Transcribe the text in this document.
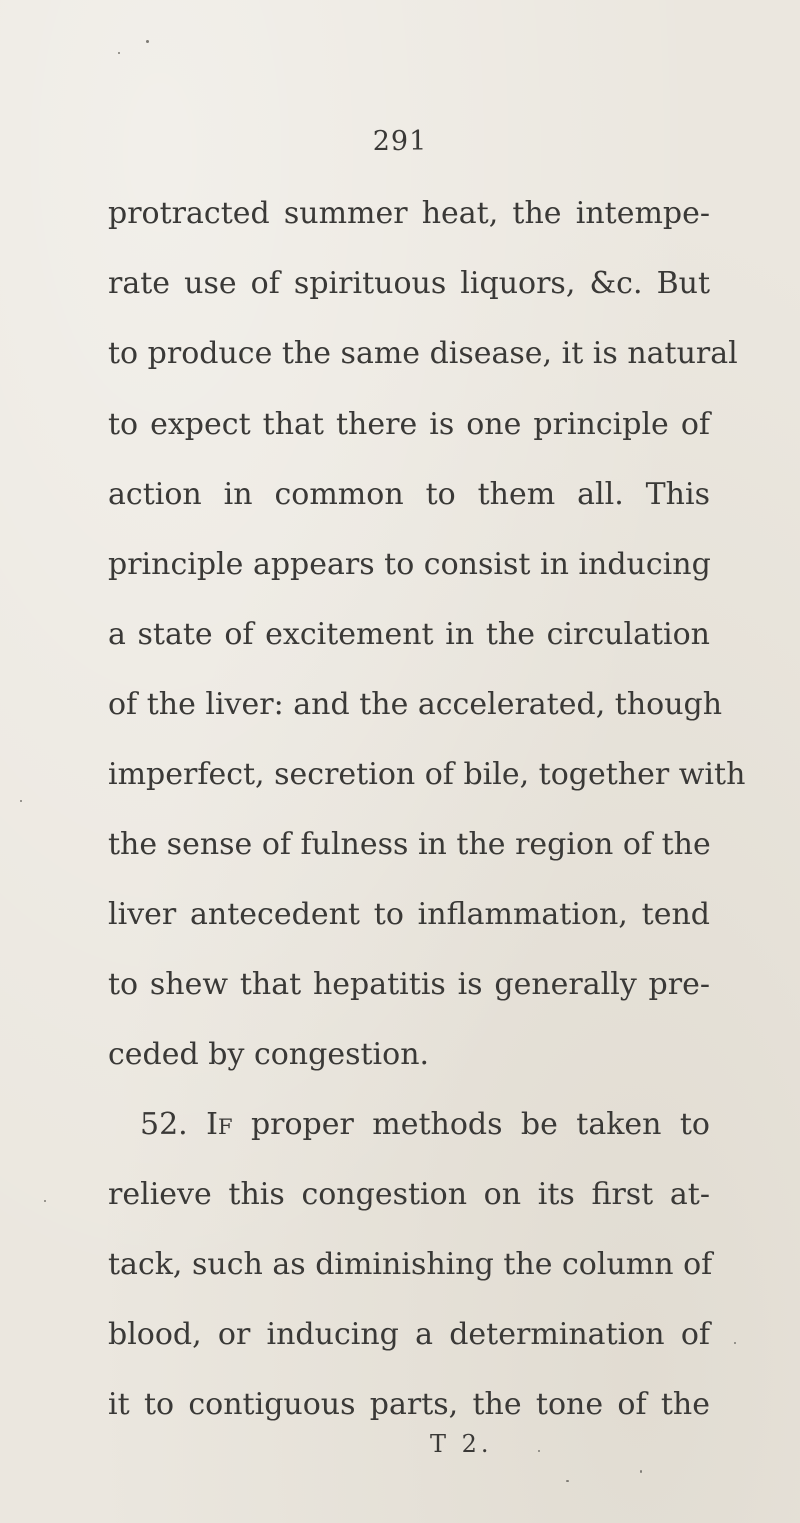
291
protracted summer heat, the intempe-
rate use of spirituous liquors, &c. But
to produce the same disease, it is natural
to expect that there is one principle of
action in common to them all. This
principle appears to consist in inducing
a state of excitement in the circulation
of the liver: and the accelerated, though
imperfect, secretion of bile, together with
the sense of fulness in the region of the
liver antecedent to inflammation, tend
to shew that hepatitis is generally pre-
ceded by congestion.
52. If proper methods be taken to
relieve this congestion on its first at-
tack, such as diminishing the column of
blood, or inducing a determination of
it to contiguous parts, the tone of the
T 2.
